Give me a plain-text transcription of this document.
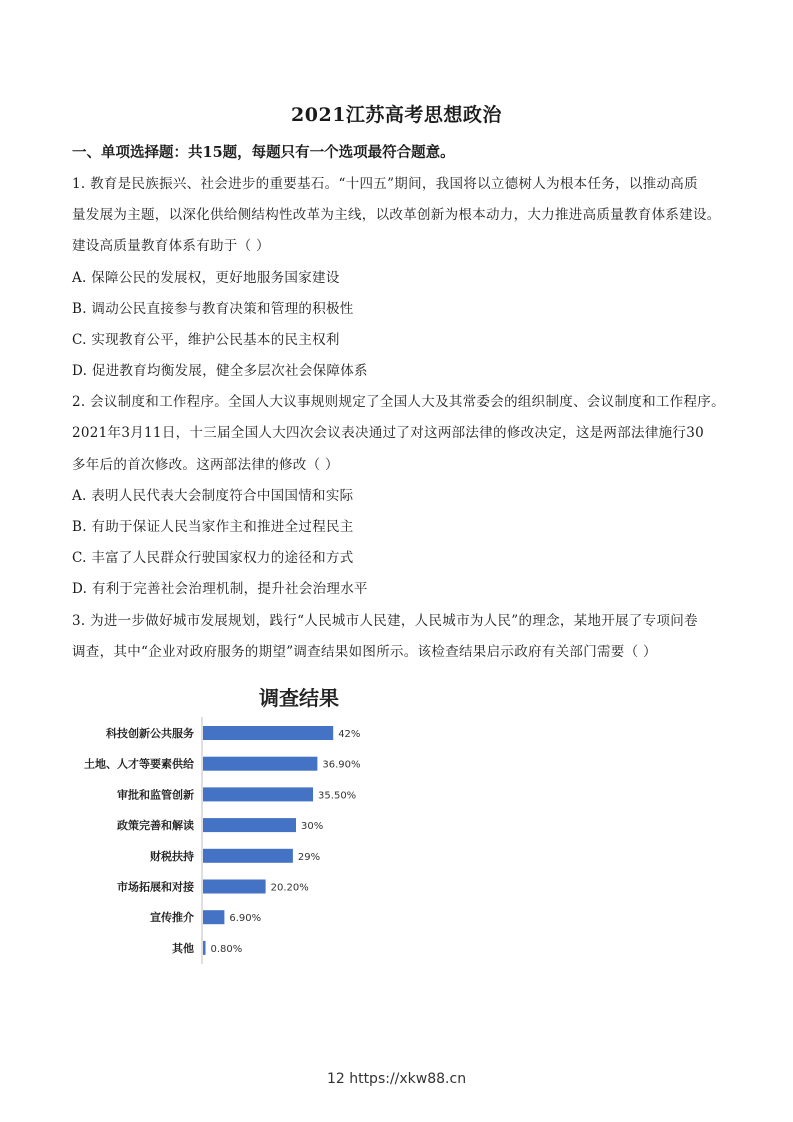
2021江苏高考思想政治
一、单项选择题：共15题，每题只有一个选项最符合题意。
1. 教育是民族振兴、社会进步的重要基石。“十四五”期间，我国将以立德树人为根本任务，以推动高质
量发展为主题，以深化供给侧结构性改革为主线，以改革创新为根本动力，大力推进高质量教育体系建设。
建设高质量教育体系有助于（ ）
A. 保障公民的发展权，更好地服务国家建设
B. 调动公民直接参与教育决策和管理的积极性
C. 实现教育公平，维护公民基本的民主权利
D. 促进教育均衡发展，健全多层次社会保障体系
2. 会议制度和工作程序。全国人大议事规则规定了全国人大及其常委会的组织制度、会议制度和工作程序。
2021年3月11日，十三届全国人大四次会议表决通过了对这两部法律的修改决定，这是两部法律施行30
多年后的首次修改。这两部法律的修改（ ）
A. 表明人民代表大会制度符合中国国情和实际
B. 有助于保证人民当家作主和推进全过程民主
C. 丰富了人民群众行驶国家权力的途径和方式
D. 有利于完善社会治理机制，提升社会治理水平
3. 为进一步做好城市发展规划，践行“人民城市人民建，人民城市为人民”的理念，某地开展了专项问卷
调查，其中“企业对政府服务的期望”调查结果如图所示。该检查结果启示政府有关部门需要（ ）
调查结果
科技创新公共服务	42%
土地、人才等要素供给	36.90%
审批和监管创新	35.50%
政策完善和解读	30%
财税扶持	29%
市场拓展和对接	20.20%
宣传推介	6.90%
其他 0.80%
12 https://xkw88.cn
